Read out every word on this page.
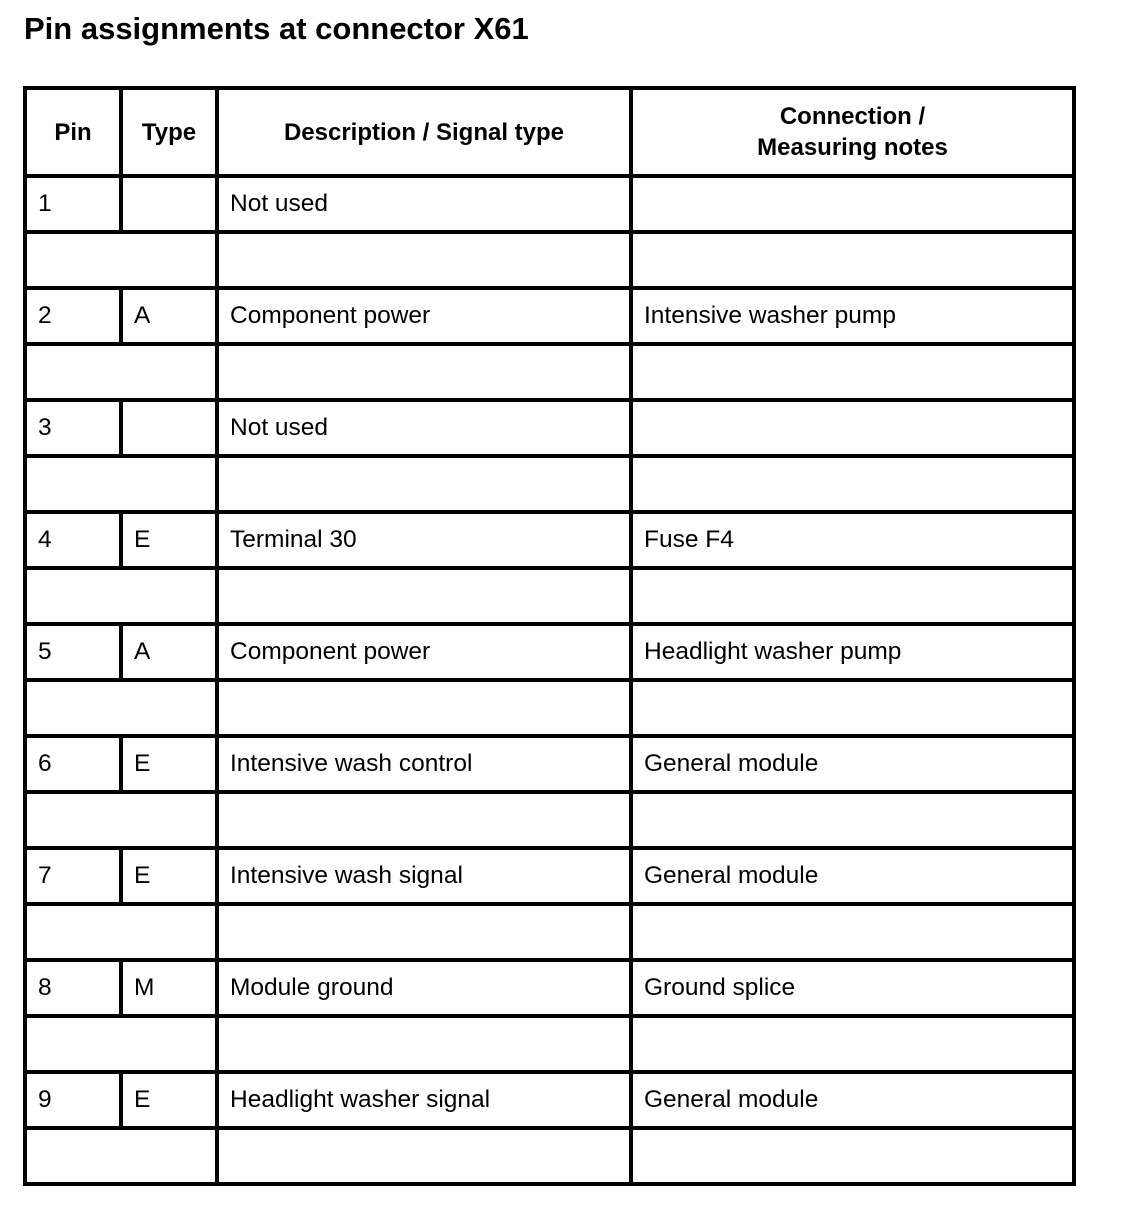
Pin assignments at connector X61
Pin	Type	Description / Signal type	Connection /
Measuring notes

1		Not used	

2	A	Component power	Intensive washer pump

3		Not used	

4	E	Terminal 30	Fuse F4

5	A	Component power	Headlight washer pump

6	E	Intensive wash control	General module

7	E	Intensive wash signal	General module

8	M	Module ground	Ground splice

9	E	Headlight washer signal	General module
